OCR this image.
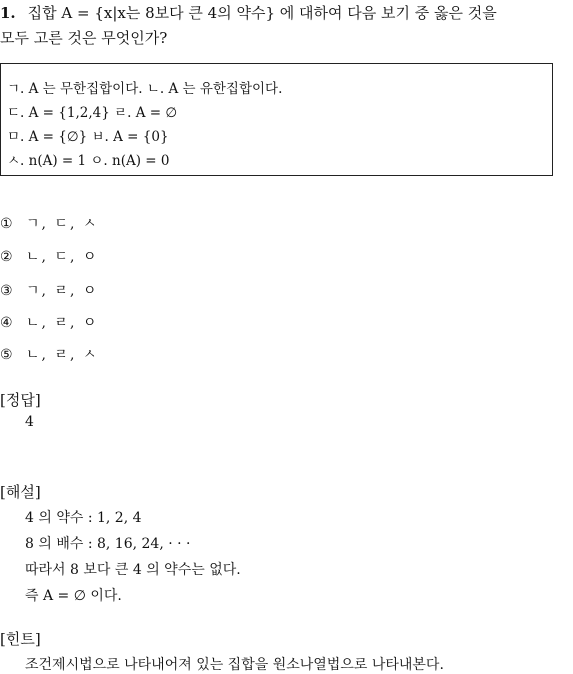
1. 집합 A = {x|x는 8보다 큰 4의 약수} 에 대하여 다음 보기 중 옳은 것을
모두 고른 것은 무엇인가?
ㄱ. A 는 무한집합이다. ㄴ. A 는 유한집합이다.
ㄷ. A = {1,2,4} ㄹ. A = ∅
ㅁ. A = {∅} ㅂ. A = {0}
ㅅ. n(A) = 1 ㅇ. n(A) = 0
① ㄱ, ㄷ, ㅅ
② ㄴ, ㄷ, ㅇ
③ ㄱ, ㄹ, ㅇ
④ ㄴ, ㄹ, ㅇ
⑤ ㄴ, ㄹ, ㅅ
[정답]
4
[해설]
4 의 약수 : 1, 2, 4
8 의 배수 : 8, 16, 24, · · ·
따라서 8 보다 큰 4 의 약수는 없다.
즉 A = ∅ 이다.
[힌트]
조건제시법으로 나타내어져 있는 집합을 원소나열법으로 나타내본다.
